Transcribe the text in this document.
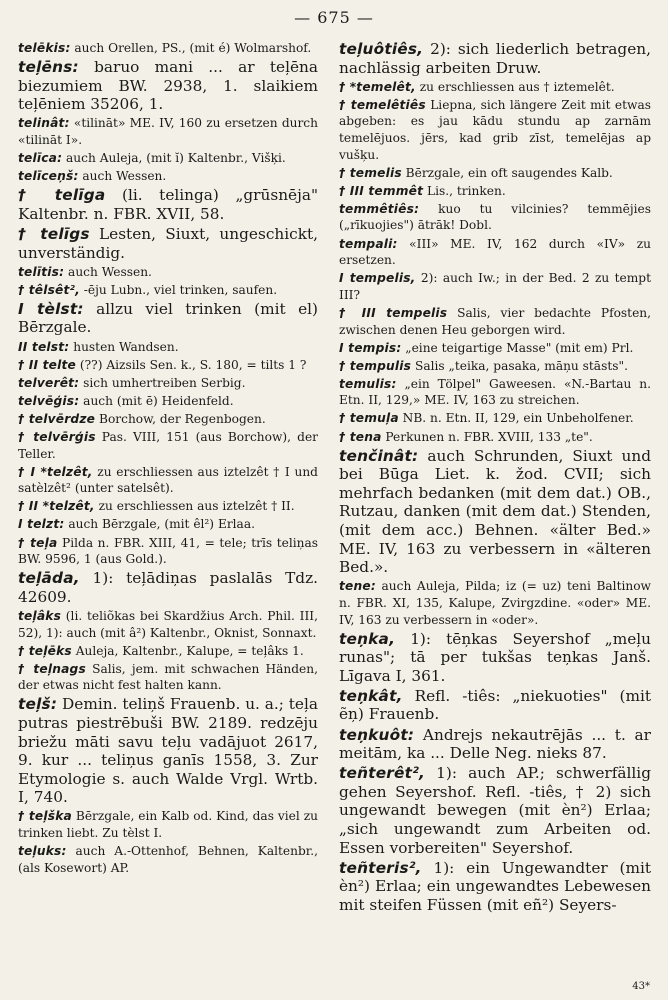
— 675 —

telēkis: auch Orellen, PS., (mit é) Wolmarshof.

teļēns: baruo mani ... ar teļēna biezumiem BW. 2938, 1. slaikiem teļēniem 35206, 1.

telinât: «tilināt» ME. IV, 160 zu ersetzen durch «tilināt I».

telīca: auch Auleja, (mit ĭ) Kaltenbr., Višķi.

telīceņš: auch Wessen.

† telīga (li. telinga) „grūsnēja" Kaltenbr. n. FBR. XVII, 58.

† telīgs Lesten, Siuxt, ungeschickt, unverständig.

telītis: auch Wessen.

† têlsêt², -ēju Lubn., viel trinken, saufen.

I tèlst: allzu viel trinken (mit el) Bērzgale.

II telst: husten Wandsen.

† II telte (??) Aizsils Sen. k., S. 180, = tilts 1 ?

telverêt: sich umhertreiben Serbig.

telvēģis: auch (mit ē) Heidenfeld.

† telvērdze Borchow, der Regenbogen.

† telvērģis Pas. VIII, 151 (aus Borchow), der Teller.

† I *telzêt, zu erschliessen aus iztelzêt † I und satèlzêt² (unter satelsêt).

† II *telzêt, zu erschliessen aus iztelzêt † II.

I telzt: auch Bērzgale, (mit êl²) Erlaa.

† teļa Pilda n. FBR. XIII, 41, = tele; trīs teliņas BW. 9596, 1 (aus Gold.).

teļāda, 1): teļādiņas paslalās Tdz. 42609.

teļâks (li. teliõkas bei Skardžius Arch. Phil. III, 52), 1): auch (mit â²) Kaltenbr., Oknist, Sonnaxt.

† teļēks Auleja, Kaltenbr., Kalupe, = teļâks 1.

† teļnags Salis, jem. mit schwachen Händen, der etwas nicht fest halten kann.

teļš: Demin. teliņš Frauenb. u. a.; teļa putras piestrēbuši BW. 2189. redzēju briežu māti savu teļu vadājuot 2617, 9. kur ... teliņus ganīs 1558, 3. Zur Etymologie s. auch Walde Vrgl. Wrtb. I, 740.

† teļška Bērzgale, ein Kalb od. Kind, das viel zu trinken liebt. Zu tèlst I.

teļuks: auch A.-Ottenhof, Behnen, Kaltenbr., (als Kosewort) AP.

teļuôtiês, 2): sich liederlich betragen, nachlässig arbeiten Druw.

† *temelêt, zu erschliessen aus † iztemelêt.

† temelêtiês Liepna, sich längere Zeit mit etwas abgeben: es jau kādu stundu ap zarnām temelējuos. jērs, kad grib zīst, temelējas ap vušķu.

† temelis Bērzgale, ein oft saugendes Kalb.

† III temmêt Lis., trinken.

temmêtiês: kuo tu vilcinies? temmējies („rīkuojies") ātrāk! Dobl.

tempali: «III» ME. IV, 162 durch «IV» zu ersetzen.

I tempelis, 2): auch Iw.; in der Bed. 2 zu tempt III?

† III tempelis Salis, vier bedachte Pfosten, zwischen denen Heu geborgen wird.

I tempis: „eine teigartige Masse" (mit em) Prl.

† tempulis Salis „teika, pasaka, māņu stāsts".

temulis: „ein Tölpel" Gaweesen. «N.-Bartau n. Etn. II, 129,» ME. IV, 163 zu streichen.

† temuļa NB. n. Etn. II, 129, ein Unbeholfener.

† tena Perkunen n. FBR. XVIII, 133 „te".

tenčinât: auch Schrunden, Siuxt und bei Būga Liet. k. žod. CVII; sich mehrfach bedanken (mit dem dat.) OB., Rutzau, danken (mit dem dat.) Stenden, (mit dem acc.) Behnen. «älter Bed.» ME. IV, 163 zu verbessern in «älteren Bed.».

tene: auch Auleja, Pilda; iz (= uz) teni Baltinow n. FBR. XI, 135, Kalupe, Zvirgzdine. «oder» ME. IV, 163 zu verbessern in «oder».

teņka, 1): tēņkas Seyershof „meļu runas"; tā per tukšas teņkas Janš. Līgava I, 361.

teņkât, Refl. -tiês: „niekuoties" (mit ẽņ) Frauenb.

teņkuôt: Andrejs nekautrējās ... t. ar meitām, ka ... Delle Neg. nieks 87.

teñterêt², 1): auch AP.; schwerfällig gehen Seyershof. Refl. -tiês, † 2) sich ungewandt bewegen (mit èn²) Erlaa; „sich ungewandt zum Arbeiten od. Essen vorbereiten" Seyershof.

teñteris², 1): ein Ungewandter (mit èn²) Erlaa; ein ungewandtes Lebewesen mit steifen Füssen (mit eñ²) Seyers-

43*
